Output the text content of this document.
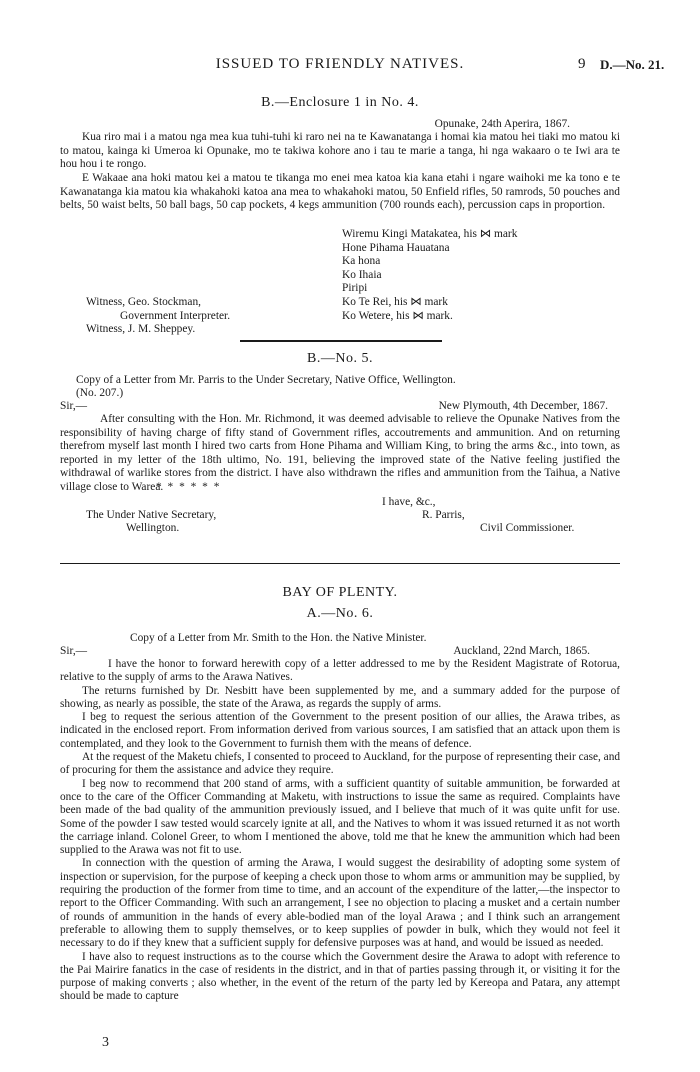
ISSUED TO FRIENDLY NATIVES.	9 D.—No. 21.
B.—Enclosure 1 in No. 4.
Opunake, 24th Aperira, 1867.

Kua riro mai i a matou nga mea kua tuhi-tuhi ki raro nei na te Kawanatanga i homai kia matou hei tiaki mo matou ki to matou, kainga ki Umeroa ki Opunake, mo te takiwa kohore ano i tau te marie a tanga, hi nga wakaaro o te Iwi ara te hou hou i te rongo.

E Wakaae ana hoki matou kei a matou te tikanga mo enei mea katoa kia kana etahi i ngare waihoki me ka tono e te Kawanatanga kia matou kia whakahoki katoa ana mea to whakahoki matou, 50 Enfield rifles, 50 ramrods, 50 pouches and belts, 50 waist belts, 50 ball bags, 50 cap pockets, 4 kegs ammunition (700 rounds each), percussion caps in proportion.

Wiremu Kingi Matakatea, his ⋈ mark
Hone Pihama Hauatana
Ka hona
Ko Ihaia
Piripi
Ko Te Rei, his ⋈ mark
Ko Wetere, his ⋈ mark.
Witness, Geo. Stockman,
Government Interpreter.
Witness, J. M. Sheppey.
B.—No. 5.
Copy of a Letter from Mr. Parris to the Under Secretary, Native Office, Wellington.
(No. 207.)
Sir,—	New Plymouth, 4th December, 1867.

After consulting with the Hon. Mr. Richmond, it was deemed advisable to relieve the Opunake Natives from the responsibility of having charge of fifty stand of Government rifles, accoutrements and ammunition. And on returning therefrom myself last month I hired two carts from Hone Pihama and William King, to bring the arms &c., into town, as reported in my letter of the 18th ultimo, No. 191, believing the improved state of the Native feeling justified the withdrawal of warlike stores from the district. I have also withdrawn the rifles and ammunition from the Taihua, a Native village close to Warea.

* * * * * *
I have, &c.,
The Under Native Secretary,	R. Parris,
Wellington.	Civil Commissioner.
BAY OF PLENTY.
A.—No. 6.
Copy of a Letter from Mr. Smith to the Hon. the Native Minister.
Sir,—	Auckland, 22nd March, 1865.

I have the honor to forward herewith copy of a letter addressed to me by the Resident Magistrate of Rotorua, relative to the supply of arms to the Arawa Natives.

The returns furnished by Dr. Nesbitt have been supplemented by me, and a summary added for the purpose of showing, as nearly as possible, the state of the Arawa, as regards the supply of arms.

I beg to request the serious attention of the Government to the present position of our allies, the Arawa tribes, as indicated in the enclosed report. From information derived from various sources, I am satisfied that an attack upon them is contemplated, and they look to the Government to furnish them with the means of defence.

At the request of the Maketu chiefs, I consented to proceed to Auckland, for the purpose of representing their case, and of procuring for them the assistance and advice they require.

I beg now to recommend that 200 stand of arms, with a sufficient quantity of suitable ammunition, be forwarded at once to the care of the Officer Commanding at Maketu, with instructions to issue the same as required. Complaints have been made of the bad quality of the ammunition previously issued, and I believe that much of it was quite unfit for use. Some of the powder I saw tested would scarcely ignite at all, and the Natives to whom it was issued returned it as not worth the carriage inland. Colonel Greer, to whom I mentioned the above, told me that he knew the ammunition which had been supplied to the Arawa was not fit to use.

In connection with the question of arming the Arawa, I would suggest the desirability of adopting some system of inspection or supervision, for the purpose of keeping a check upon those to whom arms or ammunition may be supplied, by requiring the production of the former from time to time, and an account of the expenditure of the latter,—the inspector to report to the Officer Commanding. With such an arrangement, I see no objection to placing a musket and a certain number of rounds of ammunition in the hands of every able-bodied man of the loyal Arawa ; and I think such an arrangement preferable to allowing them to supply themselves, or to keep supplies of powder in bulk, which they would not feel it necessary to do if they knew that a sufficient supply for defensive purposes was at hand, and would be issued as needed.

I have also to request instructions as to the course which the Government desire the Arawa to adopt with reference to the Pai Mairire fanatics in the case of residents in the district, and in that of parties passing through it, or visiting it for the purpose of making converts ; also whether, in the event of the return of the party led by Kereopa and Patara, any attempt should be made to capture

3
